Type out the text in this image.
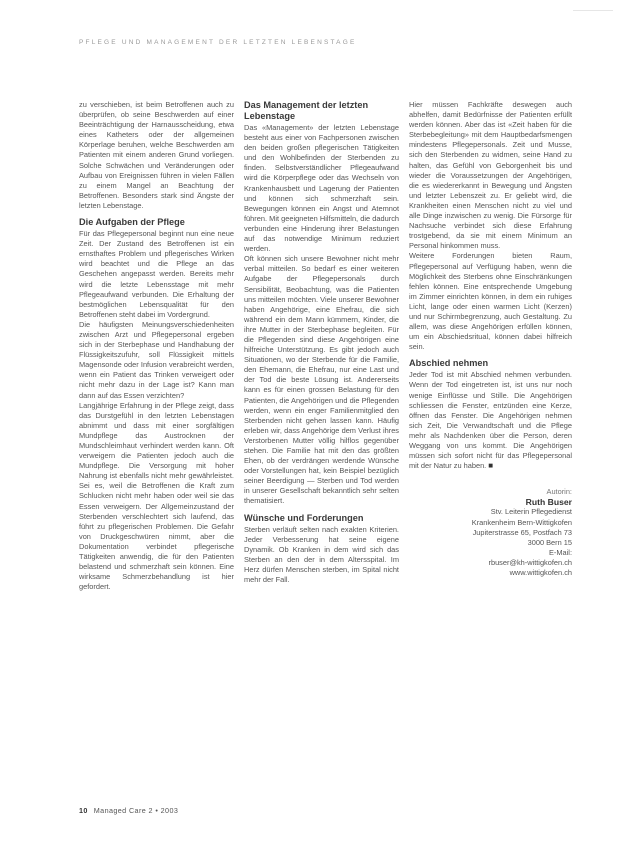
PFLEGE UND MANAGEMENT DER LETZTEN LEBENSTAGE

zu verschieben, ist beim Betroffenen auch zu überprüfen, ob seine Beschwerden auf einer Beeinträchtigung der Harnausscheidung, etwa eines Katheters oder der allgemeinen Körperlage beruhen, welche Beschwerden am Patienten mit einem anderen Grund vorliegen. Solche Schwächen und Veränderungen oder Aufbau von Ereignissen führen in vielen Fällen zu einem Mangel an Beachtung der Betroffenen. Besonders stark sind Ängste der letzten Lebenstage.

Die Aufgaben der Pflege

Für das Pflegepersonal beginnt nun eine neue Zeit. Der Zustand des Betroffenen ist ein ernsthaftes Problem und pflegerisches Wirken wird beachtet und die Pflege an das Geschehen angepasst werden. Bereits mehr wird die letzte Lebensstage mit mehr Pflegeaufwand verbunden. Die Erhaltung der bestmöglichen Lebensqualität für den Betroffenen steht dabei im Vordergrund.

Die häufigsten Meinungsverschiedenheiten zwischen Arzt und Pflegepersonal ergeben sich in der Sterbephase und Handhabung der Flüssigkeitszufuhr, soll Flüssigkeit mittels Magensonde oder Infusion verabreicht werden, wenn ein Patient das Trinken verweigert oder nicht mehr dazu in der Lage ist? Kann man dann auf das Essen verzichten?

Langjährige Erfahrung in der Pflege zeigt, dass das Durstgefühl in den letzten Lebenstagen abnimmt und dass mit einer sorgfältigen Mundpflege das Austrocknen der Mundschleimhaut verhindert werden kann. Oft verweigern die Patienten jedoch auch die Mundpflege. Die Versorgung mit hoher Nahrung ist ebenfalls nicht mehr gewährleistet. Sei es, weil die Betroffenen die Kraft zum Schlucken nicht mehr haben oder weil sie das Essen verweigern. Der Allgemeinzustand der Sterbenden verschlechtert sich laufend, das führt zu pflegerischen Problemen. Die Gefahr von Druckgeschwüren nimmt, aber die Dokumentation verbindet pflegerische Tätigkeiten anwendig, die für den Patienten belastend und schmerzhaft sein können. Eine wirksame Schmerzbehandlung ist hier gefordert.

Das Management der letzten Lebenstage

Das «Management» der letzten Lebenstage besteht aus einer von Fachpersonen zwischen den beiden großen pflegerischen Tätigkeiten und den Wohlbefinden der Sterbenden zu finden. Selbstverständlicher Pflegeaufwand wird die Körperpflege oder das Wechseln von Krankenhausbett und Lagerung der Patienten und können sich schmerzhaft sein. Bewegungen können ein Angst und Atemnot führen. Mit geeigneten Hilfsmitteln, die dadurch verbunden eine Hinderung ihrer Belastungen auf das notwendige Minimum reduziert werden.

Oft können sich unsere Bewohner nicht mehr verbal mitteilen. So bedarf es einer weiteren Aufgabe der Pflegepersonals durch Sensibilität, Beobachtung, was die Patienten uns mitteilen möchten. Viele unserer Bewohner haben Angehörige, eine Ehefrau, die sich während ein dem Mann kümmern, Kinder, die ihre Mutter in der Sterbephase begleiten. Für die Pflegenden sind diese Angehörigen eine hilfreiche Unterstützung. Es gibt jedoch auch Situationen, wo der Sterbende für die Familie, den Ehemann, die Ehefrau, nur eine Last und der Tod die beste Lösung ist. Andererseits kann es für einen grossen Belastung für den Patienten, die Angehörigen und die Pflegenden werden, wenn ein enger Familienmitglied den Sterbenden nicht gehen lassen kann. Häufig erleben wir, dass Angehörige dem Verlust ihres Verstorbenen Mutter völlig hilflos gegenüber stehen. Die Familie hat mit den das größten Ehen, ob der verdrängen werdende Wünsche oder Vorstellungen hat, kein Beispiel bezüglich seiner Beerdigung — Sterben und Tod werden in unserer Gesellschaft bekanntlich sehr selten thematisiert.

Wünsche und Forderungen

Sterben verläuft selten nach exakten Kriterien. Jeder Verbesserung hat seine eigene Dynamik. Ob Kranken in dem wird sich das Sterben an den der in dem Altersspital. Im Herz dürfen Menschen sterben, im Spital nicht mehr der Fall.

Hier müssen Fachkräfte deswegen auch abhelfen, damit Bedürfnisse der Patienten erfüllt werden können. Aber das ist «Zeit haben für die Sterbebegleitung» mit dem Hauptbedarfsmengen mindestens Pflegepersonals. Zeit und Musse, sich den Sterbenden zu widmen, seine Hand zu halten, das Gefühl von Geborgenheit bis und wieder die Voraussetzungen der Angehörigen, die es wiedererkannt in Bewegung und Ängsten und letzter Lebenszeit zu. Er geliebt wird, die Krankheiten einen Menschen nicht zu viel und alle Dinge inzwischen zu wenig. Die Fürsorge für Nachsuche verbindet sich diese Erfahrung trostgebend, da sie mit einem Minimum an Personal hinkommen muss.

Weitere Forderungen bieten Raum, Pflegepersonal auf Verfügung haben, wenn die Möglichkeit des Sterbens ohne Einschränkungen fehlen können. Eine entsprechende Umgebung im Zimmer einrichten können, in dem ein ruhiges Licht, lange oder einen warmen Licht (Kerzen) und nur Schirmbegrenzung, auch Gestaltung. Zu allem, was diese Angehörigen erfüllen können, um ein Abschiedsritual, können dabei hilfreich sein.

Abschied nehmen

Jeder Tod ist mit Abschied nehmen verbunden. Wenn der Tod eingetreten ist, ist uns nur noch wenige Einflüsse und Stille. Die Angehörigen schliessen die Fenster, entzünden eine Kerze, öffnen das Fenster. Die Angehörigen nehmen sich Zeit, Die Verwandtschaft und die Pflege mehr als Nachdenken über die Person, deren Weggang von uns kommt. Die Angehörigen müssen sich sofort nicht für das Pflegepersonal mit der Natur zu haben. ■

Autorin:
Ruth Buser
Stv. Leiterin Pflegedienst
Krankenheim Bern-Wittigkofen
Jupiterstrasse 65, Postfach 73
3000 Bern 15
E-Mail:
rbuser@kh-wittigkofen.ch
www.wittigkofen.ch
10 Managed Care 2 • 2003
